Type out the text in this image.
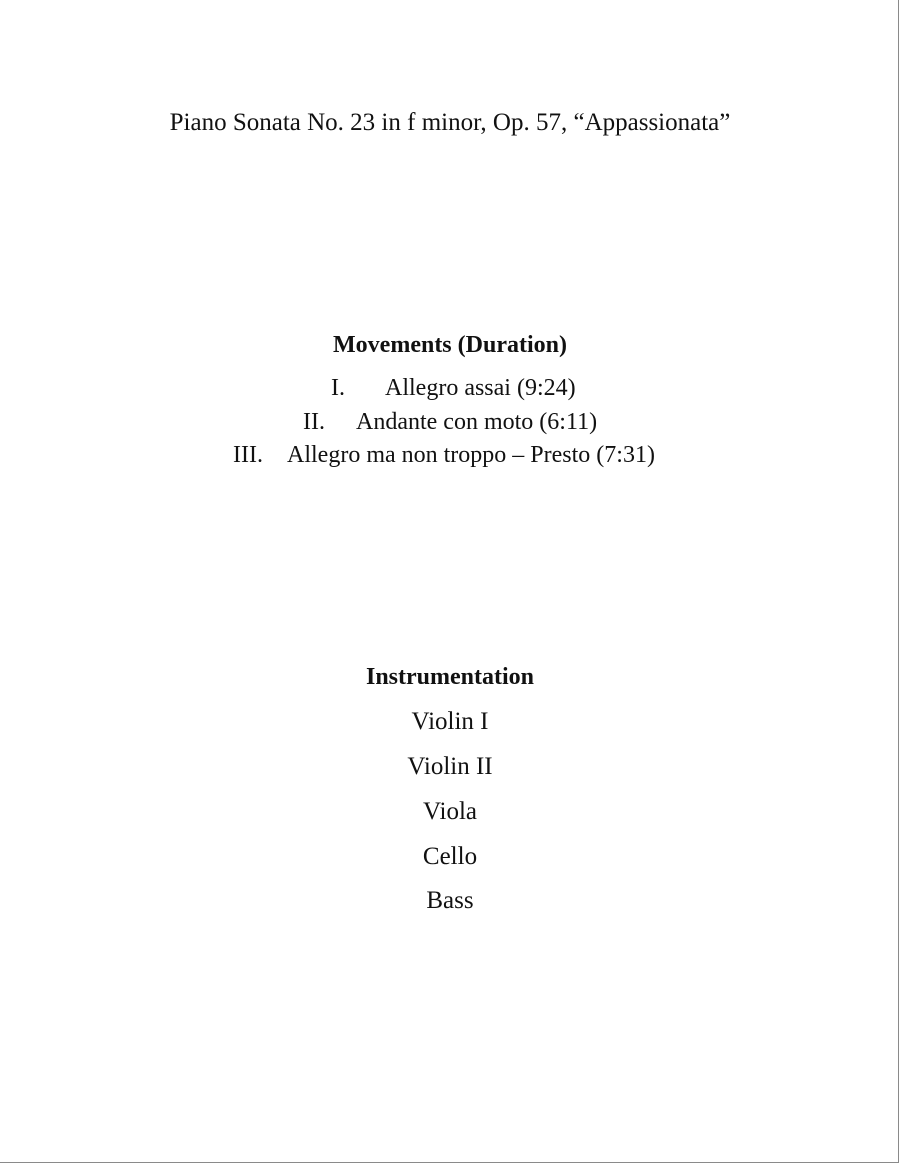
Piano Sonata No. 23 in f minor, Op. 57, “Appassionata”
Movements (Duration)
I. Allegro assai (9:24)
II. Andante con moto (6:11)
III. Allegro ma non troppo – Presto (7:31)
Instrumentation
Violin I
Violin II
Viola
Cello
Bass
